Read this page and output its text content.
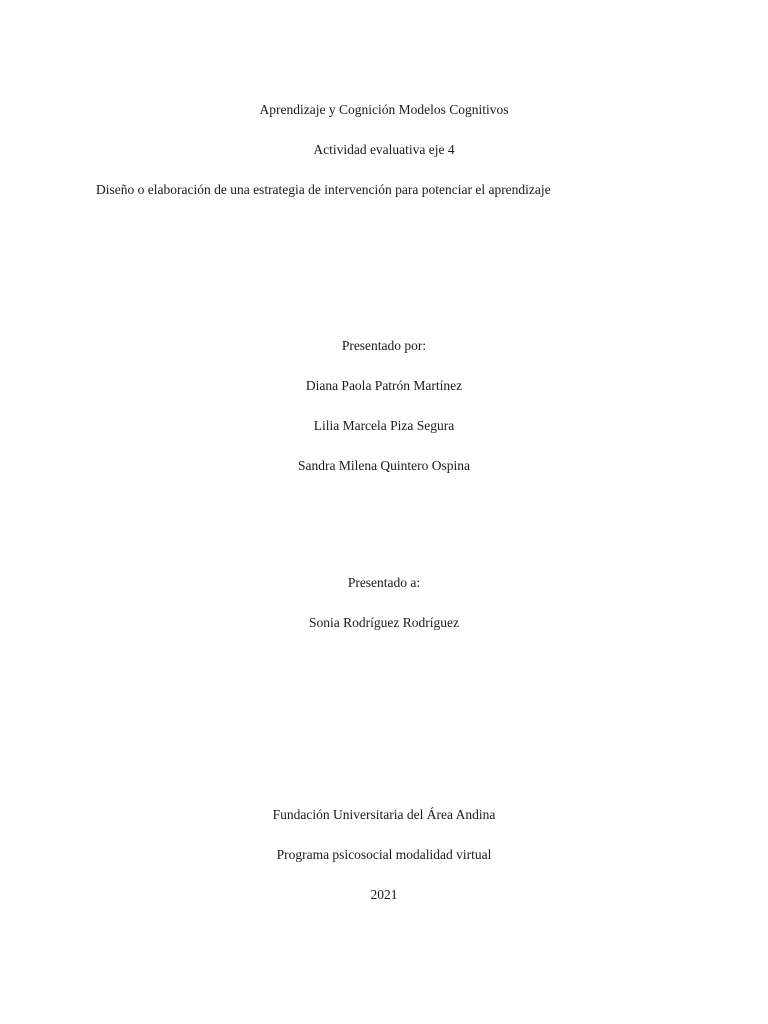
Aprendizaje y Cognición Modelos Cognitivos
Actividad evaluativa eje 4
Diseño o elaboración de una estrategia de intervención para potenciar el aprendizaje
Presentado por:
Diana Paola Patrón Martínez
Lilia Marcela Piza Segura
Sandra Milena Quintero Ospina
Presentado a:
Sonia Rodríguez Rodríguez
Fundación Universitaria del Área Andina
Programa psicosocial modalidad virtual
2021
